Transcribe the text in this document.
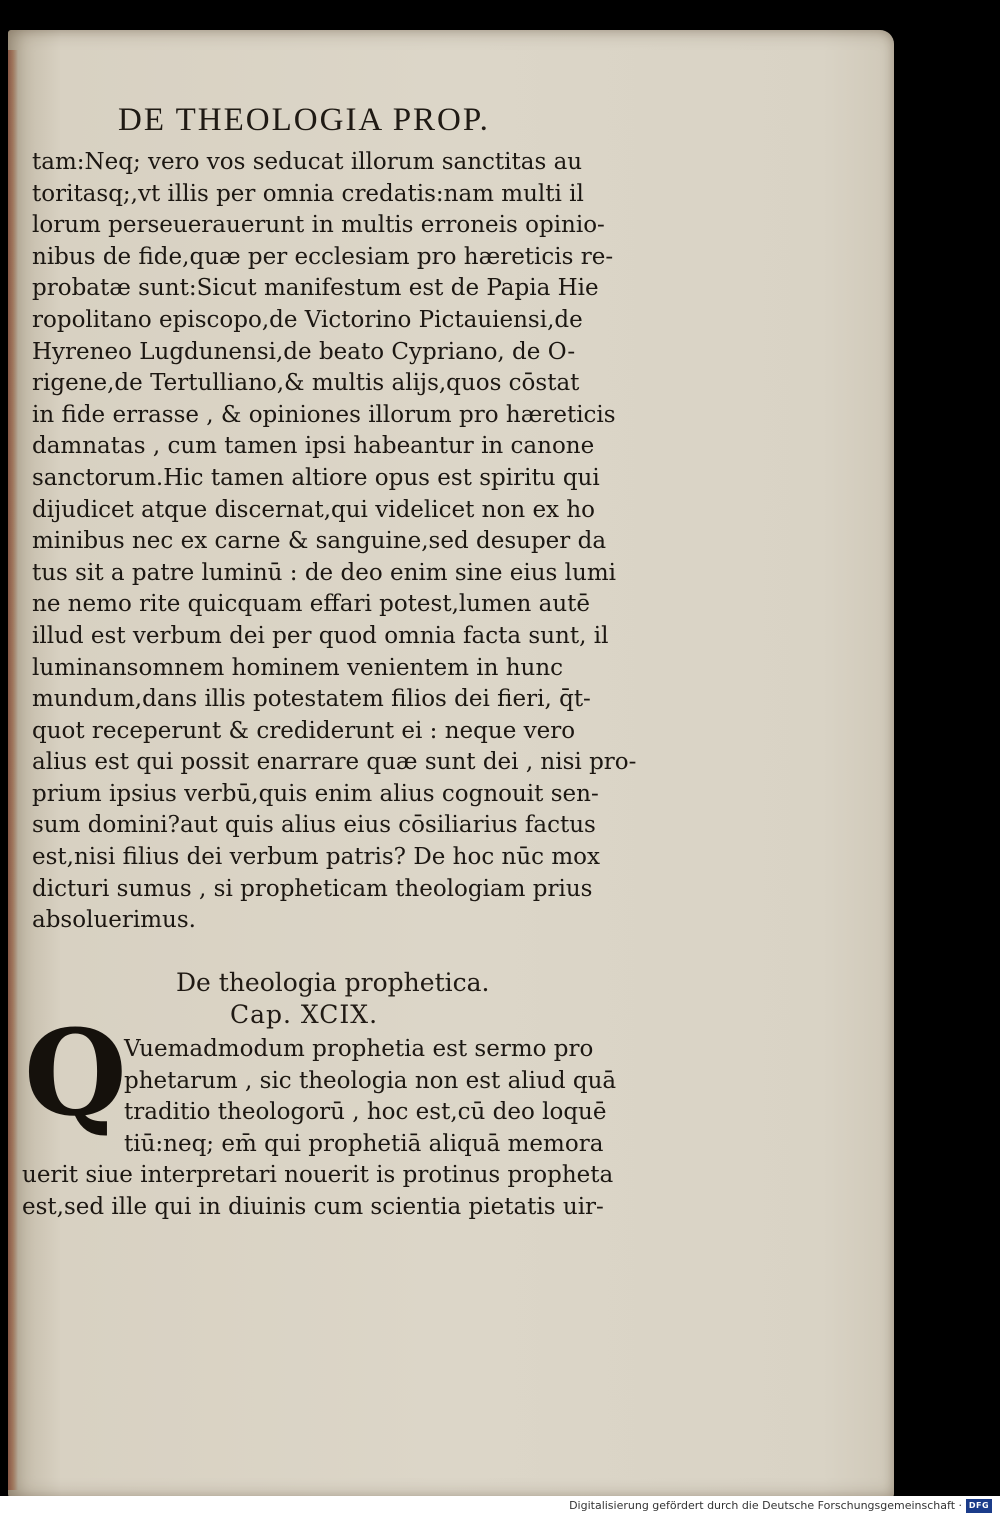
DE THEOLOGIA PROP.
tam:Neq; vero vos seducat illorum sanctitas au
toritasq;,vt illis per omnia credatis:nam multi il
lorum perseuerauerunt in multis erroneis opinio-
nibus de fide,quæ per ecclesiam pro hæreticis re-
probatæ sunt:Sicut manifestum est de Papia Hie
ropolitano episcopo,de Victorino Pictauiensi,de
Hyreneo Lugdunensi,de beato Cypriano, de O-
rigene,de Tertulliano,& multis alijs,quos cōstat
in fide errasse , & opiniones illorum pro hæreticis
damnatas , cum tamen ipsi habeantur in canone
sanctorum.Hic tamen altiore opus est spiritu qui
dijudicet atque discernat,qui videlicet non ex ho
minibus nec ex carne & sanguine,sed desuper da
tus sit a patre luminū : de deo enim sine eius lumi
ne nemo rite quicquam effari potest,lumen autē
illud est verbum dei per quod omnia facta sunt, il
luminansomnem hominem venientem in hunc
mundum,dans illis potestatem filios dei fieri, q̄t-
quot receperunt & crediderunt ei : neque vero
alius est qui possit enarrare quæ sunt dei , nisi pro-
prium ipsius verbū,quis enim alius cognouit sen-
sum domini?aut quis alius eius cōsiliarius factus
est,nisi filius dei verbum patris? De hoc nūc mox
dicturi sumus , si propheticam theologiam prius
absoluerimus.
De theologia prophetica.
Cap. XCIX.
Q
Vuemadmodum prophetia est sermo pro
phetarum , sic theologia non est aliud quā
traditio theologorū , hoc est,cū deo loquē
tiū:neq; em̄ qui prophetiā aliquā memora
uerit siue interpretari nouerit is protinus propheta
est,sed ille qui in diuinis cum scientia pietatis uir-
Digitalisierung gefördert durch die Deutsche Forschungsgemeinschaft · DFG
